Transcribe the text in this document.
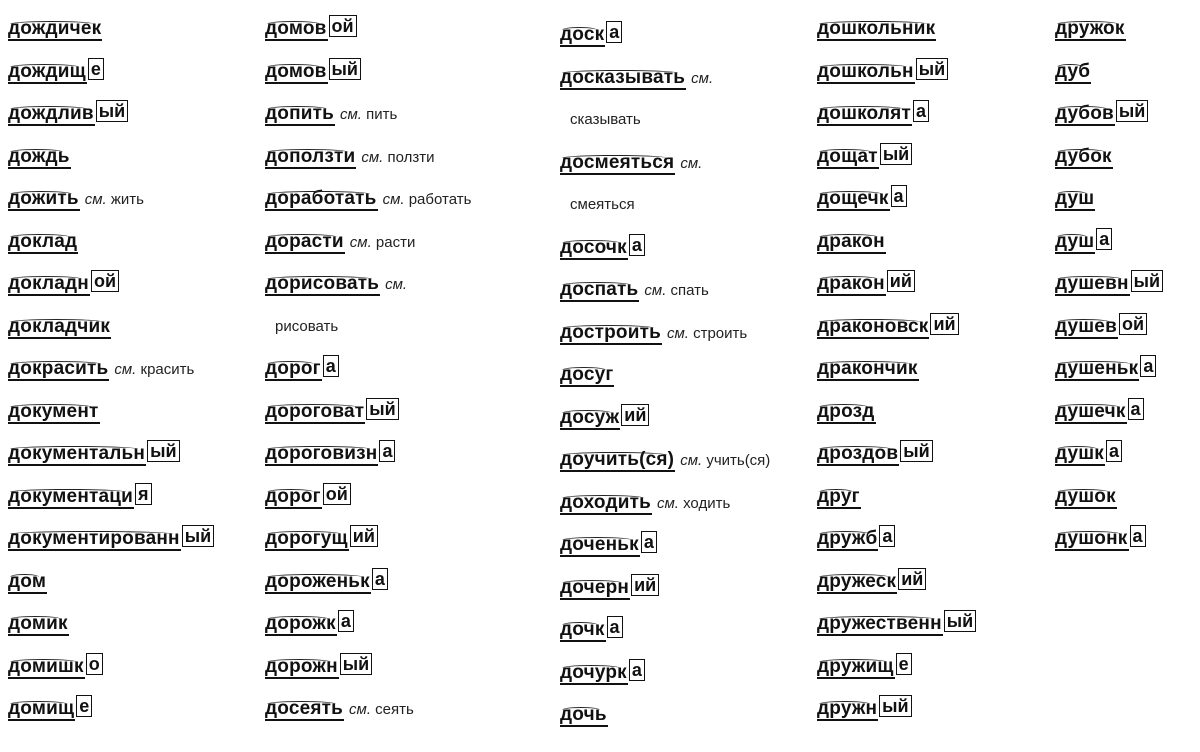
дождичек
дождищ е
дождлив ый
дождь
дожить см. жить
доклад
докладн ой
докладчик
докрасить см. красить
документ
документальн ый
документаци я
документированн ый
дом
домик
домишк о
домищ е
домов ой
домов ый
допить см. пить
доползти см. ползти
доработать см. работать
дорасти см. расти
дорисовать см.
рисовать
дорог а
дороговат ый
дороговизн а
дорог ой
дорогущ ий
дороженьк а
дорожк а
дорожн ый
досеять см. сеять
доск а
досказывать см.
сказывать
досмеяться см.
смеяться
досочк а
доспать см. спать
достроить см. строить
досуг
досуж ий
доучить(ся) см. учить(ся)
доходить см. ходить
доченьк а
дочерн ий
дочк а
дочурк а
дочь
дошкольник
дошкольн ый
дошколят а
дощат ый
дощечк а
дракон
дракон ий
драконовск ий
дракончик
дрозд
дроздов ый
друг
дружб а
дружеск ий
дружественн ый
дружищ е
дружн ый
дружок
дуб
дубов ый
дубок
душ
душ а
душевн ый
душев ой
душеньк а
душечк а
душк а
душок
душонк а
